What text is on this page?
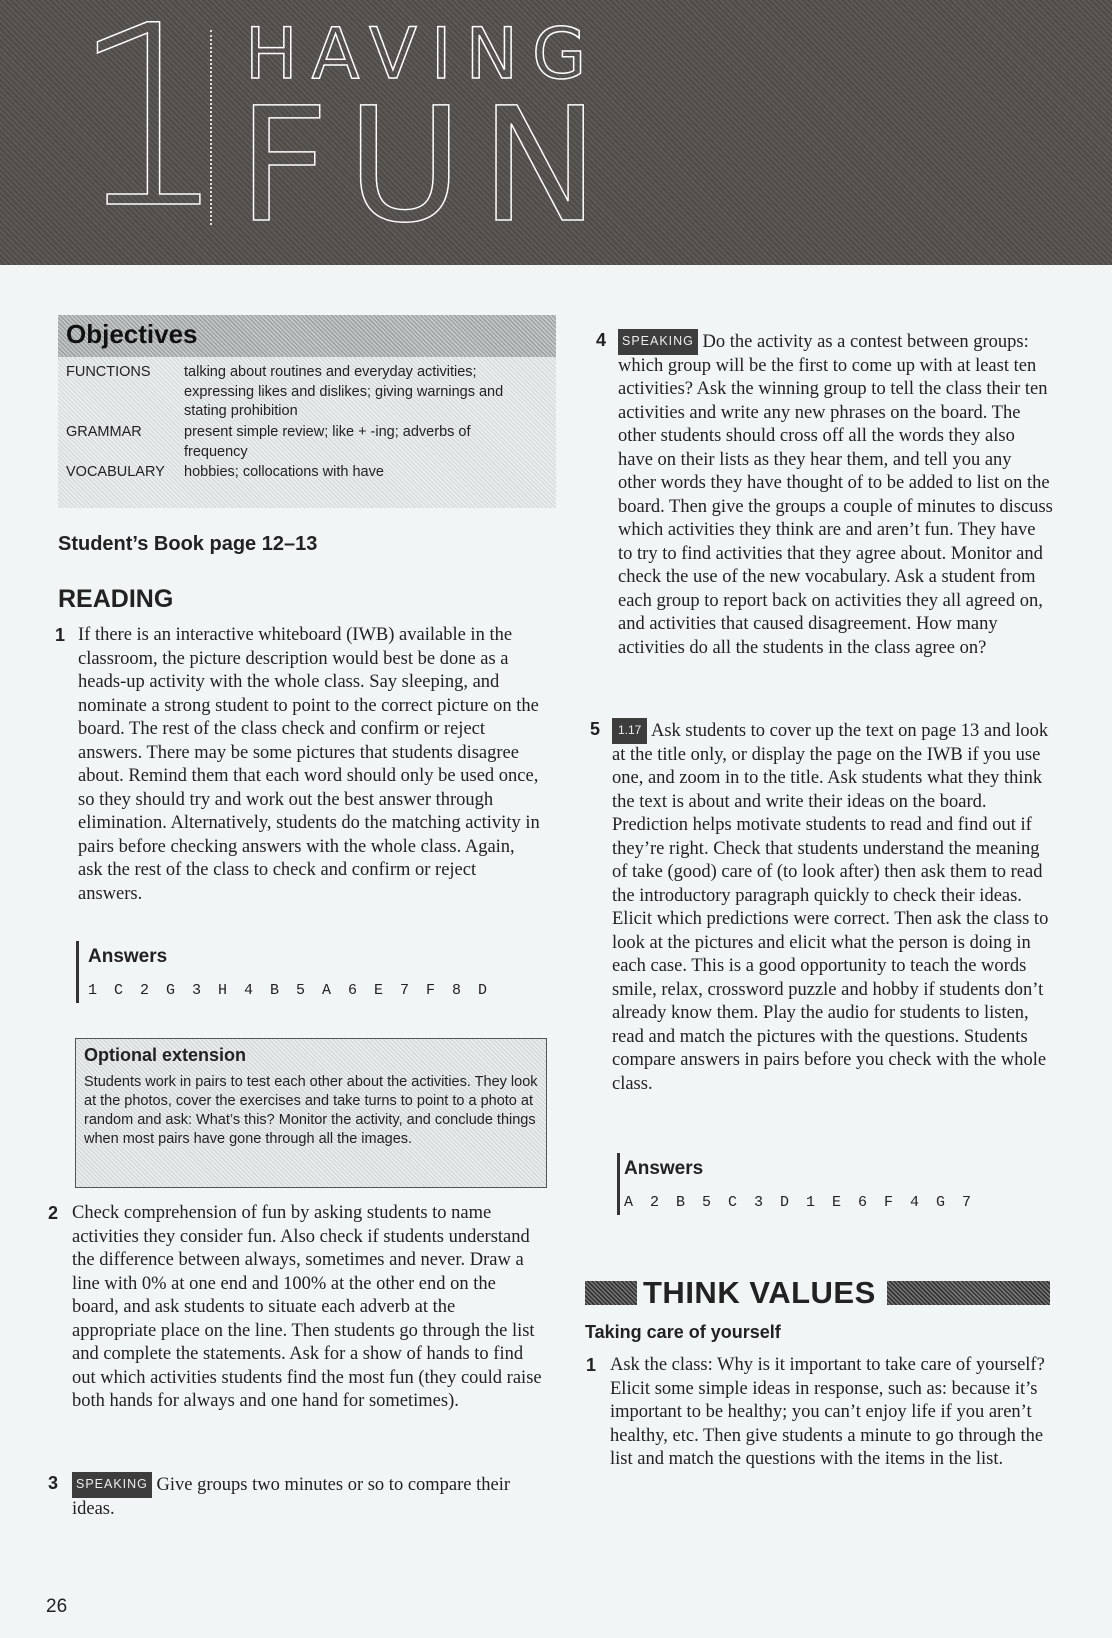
1 HAVING
FUN
Objectives
FUNCTIONS	talking about routines and everyday activities; expressing likes and dislikes; giving warnings and stating prohibition
GRAMMAR	present simple review; like + -ing; adverbs of frequency
VOCABULARY	hobbies; collocations with have
Student’s Book page 12–13
READING
1 If there is an interactive whiteboard (IWB) available in the classroom, the picture description would best be done as a heads-up activity with the whole class. Say sleeping, and nominate a strong student to point to the correct picture on the board. The rest of the class check and confirm or reject answers. There may be some pictures that students disagree about. Remind them that each word should only be used once, so they should try and work out the best answer through elimination. Alternatively, students do the matching activity in pairs before checking answers with the whole class. Again, ask the rest of the class to check and confirm or reject answers.
Answers
1 C 2 G 3 H 4 B 5 A 6 E 7 F 8 D
Optional extension
Students work in pairs to test each other about the activities. They look at the photos, cover the exercises and take turns to point to a photo at random and ask: What’s this? Monitor the activity, and conclude things when most pairs have gone through all the images.
2 Check comprehension of fun by asking students to name activities they consider fun. Also check if students understand the difference between always, sometimes and never. Draw a line with 0% at one end and 100% at the other end on the board, and ask students to situate each adverb at the appropriate place on the line. Then students go through the list and complete the statements. Ask for a show of hands to find out which activities students find the most fun (they could raise both hands for always and one hand for sometimes).
3	SPEAKING Give groups two minutes or so to compare their ideas.
4	SPEAKING Do the activity as a contest between groups: which group will be the first to come up with at least ten activities? Ask the winning group to tell the class their ten activities and write any new phrases on the board. The other students should cross off all the words they also have on their lists as they hear them, and tell you any other words they have thought of to be added to list on the board. Then give the groups a couple of minutes to discuss which activities they think are and aren’t fun. They have to try to find activities that they agree about. Monitor and check the use of the new vocabulary. Ask a student from each group to report back on activities they all agreed on, and activities that caused disagreement. How many activities do all the students in the class agree on?
5	1.17 Ask students to cover up the text on page 13 and look at the title only, or display the page on the IWB if you use one, and zoom in to the title. Ask students what they think the text is about and write their ideas on the board. Prediction helps motivate students to read and find out if they’re right. Check that students understand the meaning of take (good) care of (to look after) then ask them to read the introductory paragraph quickly to check their ideas. Elicit which predictions were correct. Then ask the class to look at the pictures and elicit what the person is doing in each case. This is a good opportunity to teach the words smile, relax, crossword puzzle and hobby if students don’t already know them. Play the audio for students to listen, read and match the pictures with the questions. Students compare answers in pairs before you check with the whole class.
Answers
A 2 B 5 C 3 D 1 E 6 F 4 G 7
THINK VALUES
Taking care of yourself
1 Ask the class: Why is it important to take care of yourself? Elicit some simple ideas in response, such as: because it’s important to be healthy; you can’t enjoy life if you aren’t healthy, etc. Then give students a minute to go through the list and match the questions with the items in the list.
26
